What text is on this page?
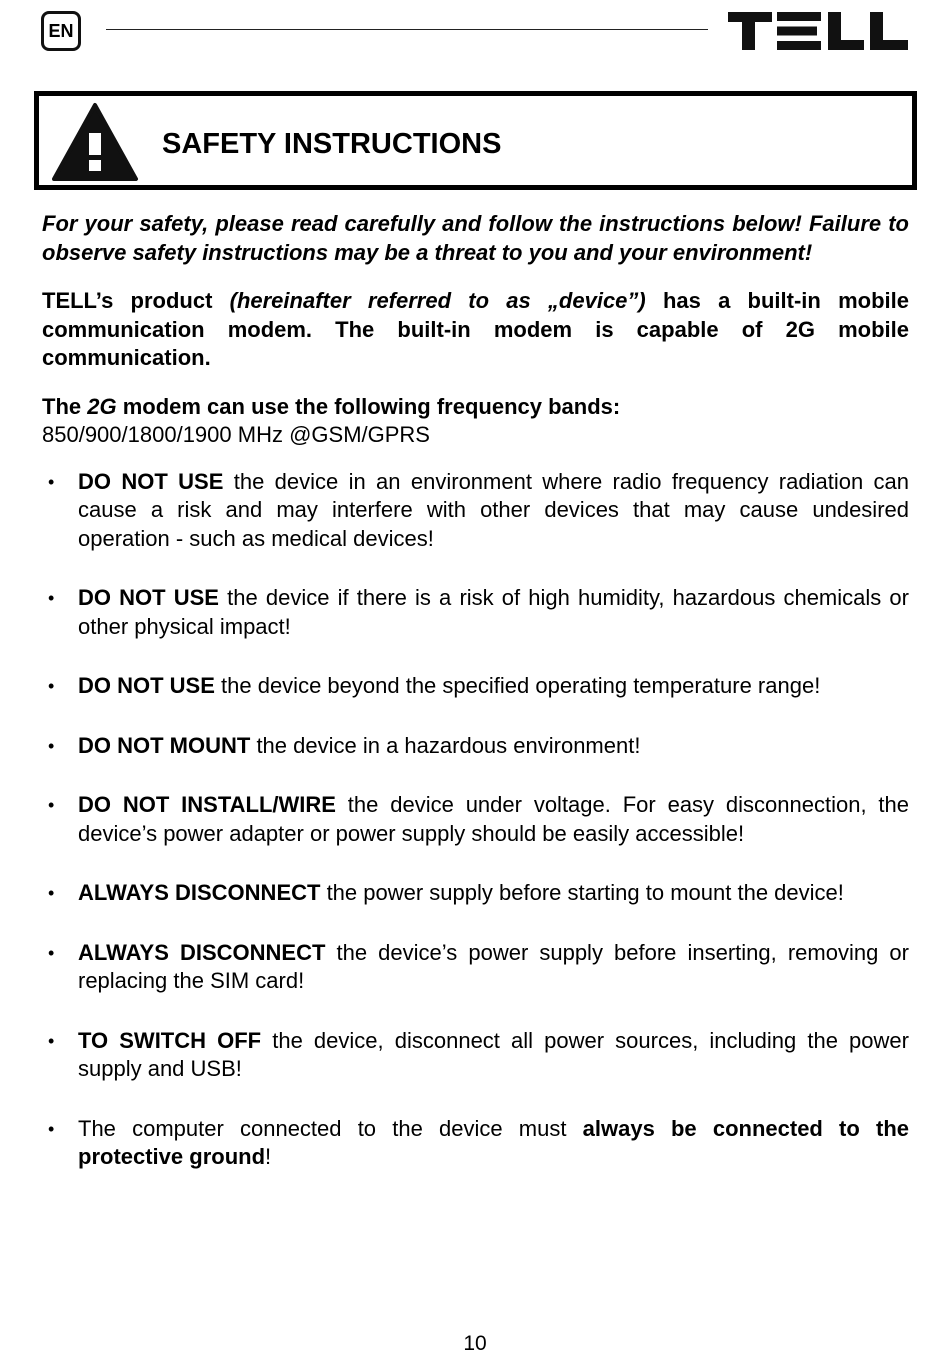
EN
SAFETY INSTRUCTIONS

For your safety, please read carefully and follow the instructions below! Failure to observe safety instructions may be a threat to you and your environment!

TELL’s product (hereinafter referred to as „device”) has a built-in mobile communication modem. The built-in modem is capable of 2G mobile communication.

The 2G modem can use the following frequency bands:

850/900/1800/1900 MHz @GSM/GPRS

• DO NOT USE the device in an environment where radio frequency radiation can cause a risk and may interfere with other devices that may cause undesired operation - such as medical devices!
• DO NOT USE the device if there is a risk of high humidity, hazardous chemicals or other physical impact!
• DO NOT USE the device beyond the specified operating temperature range!
• DO NOT MOUNT the device in a hazardous environment!
• DO NOT INSTALL/WIRE the device under voltage. For easy disconnection, the device’s power adapter or power supply should be easily accessible!
• ALWAYS DISCONNECT the power supply before starting to mount the device!
• ALWAYS DISCONNECT the device’s power supply before inserting, removing or replacing the SIM card!
• TO SWITCH OFF the device, disconnect all power sources, including the power supply and USB!
• The computer connected to the device must always be connected to the protective ground!
10
